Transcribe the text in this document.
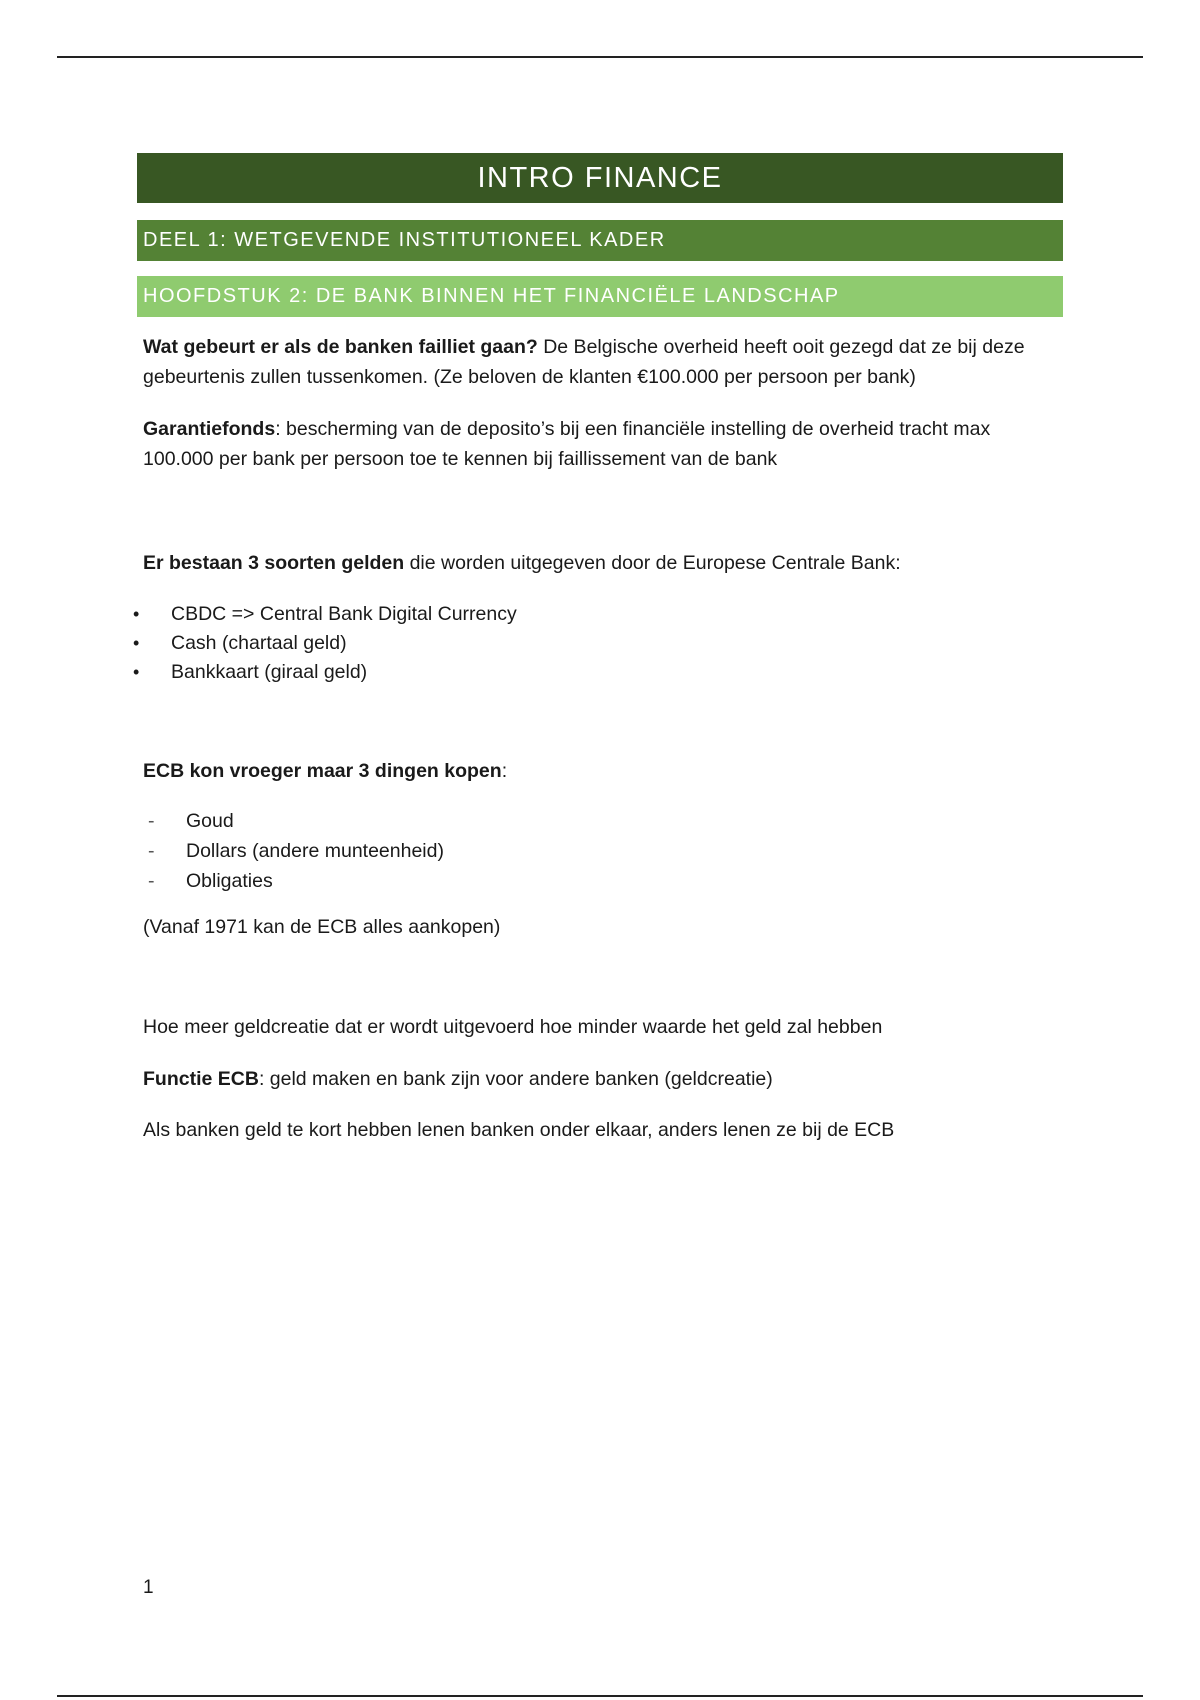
INTRO FINANCE
DEEL 1: WETGEVENDE INSTITUTIONEEL KADER
HOOFDSTUK 2: DE BANK BINNEN HET FINANCIËLE LANDSCHAP

Wat gebeurt er als de banken failliet gaan? De Belgische overheid heeft ooit gezegd dat ze bij deze gebeurtenis zullen tussenkomen. (Ze beloven de klanten €100.000 per persoon per bank)

Garantiefonds: bescherming van de deposito’s bij een financiële instelling de overheid tracht max 100.000 per bank per persoon toe te kennen bij faillissement van de bank

Er bestaan 3 soorten gelden die worden uitgegeven door de Europese Centrale Bank:

• CBDC => Central Bank Digital Currency
• Cash (chartaal geld)
• Bankkaart (giraal geld)

ECB kon vroeger maar 3 dingen kopen:

- Goud
- Dollars (andere munteenheid)
- Obligaties

(Vanaf 1971 kan de ECB alles aankopen)

Hoe meer geldcreatie dat er wordt uitgevoerd hoe minder waarde het geld zal hebben

Functie ECB: geld maken en bank zijn voor andere banken (geldcreatie)

Als banken geld te kort hebben lenen banken onder elkaar, anders lenen ze bij de ECB

1
